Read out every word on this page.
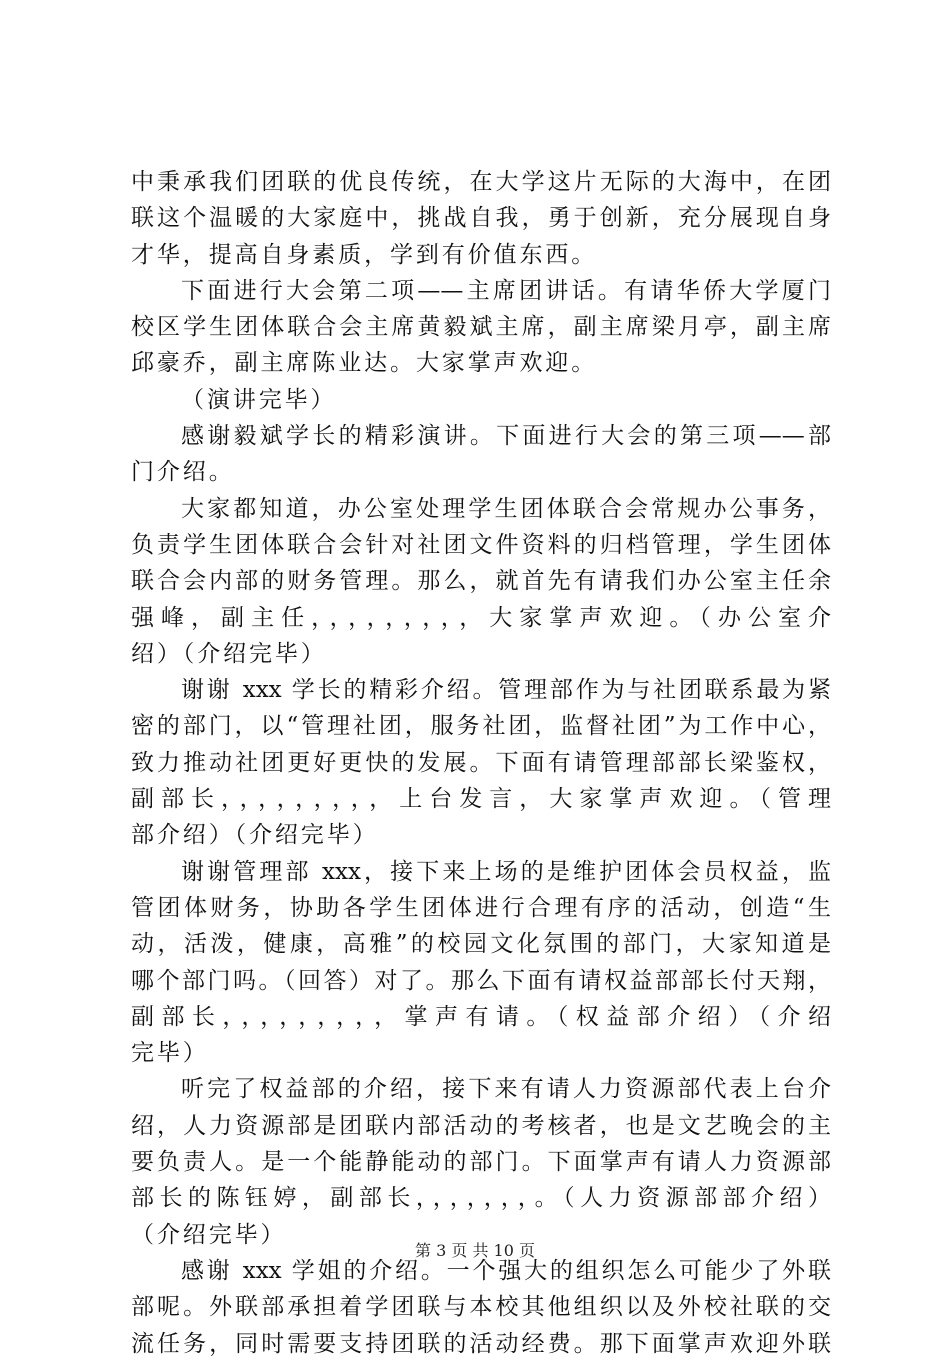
中秉承我们团联的优良传统，在大学这片无际的大海中，在团
联这个温暖的大家庭中，挑战自我，勇于创新，充分展现自身
才华，提高自身素质，学到有价值东西。
下面进行大会第二项——主席团讲话。有请华侨大学厦门
校区学生团体联合会主席黄毅斌主席，副主席梁月亭，副主席
邱豪乔，副主席陈业达。大家掌声欢迎。
（演讲完毕）
感谢毅斌学长的精彩演讲。下面进行大会的第三项——部
门介绍。
大家都知道，办公室处理学生团体联合会常规办公事务，
负责学生团体联合会针对社团文件资料的归档管理，学生团体
联合会内部的财务管理。那么，就首先有请我们办公室主任余
强峰，副主任，，，，，，，，，大家掌声欢迎。（办公室介
绍）（介绍完毕）
谢谢 xxx 学长的精彩介绍。管理部作为与社团联系最为紧
密的部门，以“管理社团，服务社团，监督社团”为工作中心，
致力推动社团更好更快的发展。下面有请管理部部长梁鉴权，
副部长，，，，，，，，，上台发言，大家掌声欢迎。（管理
部介绍）（介绍完毕）
谢谢管理部 xxx，接下来上场的是维护团体会员权益，监
管团体财务，协助各学生团体进行合理有序的活动，创造“生
动，活泼，健康，高雅”的校园文化氛围的部门，大家知道是
哪个部门吗。（回答）对了。那么下面有请权益部部长付天翔，
副部长，，，，，，，，，掌声有请。（权益部介绍）（介绍
完毕）
听完了权益部的介绍，接下来有请人力资源部代表上台介
绍，人力资源部是团联内部活动的考核者，也是文艺晚会的主
要负责人。是一个能静能动的部门。下面掌声有请人力资源部
部长的陈钰婷，副部长，，，，，，，。（人力资源部部介绍）
（介绍完毕）
感谢 xxx 学姐的介绍。一个强大的组织怎么可能少了外联
部呢。外联部承担着学团联与本校其他组织以及外校社联的交
流任务，同时需要支持团联的活动经费。那下面掌声欢迎外联
第 3 页 共 10 页
